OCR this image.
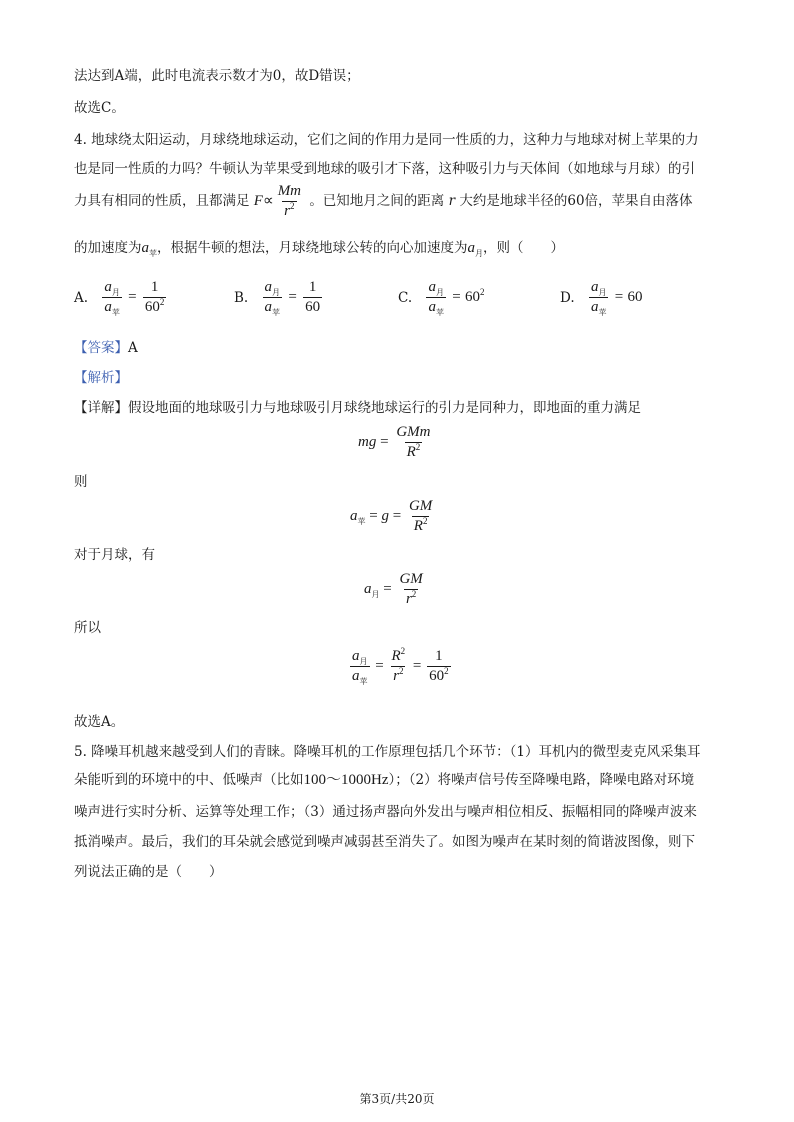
法达到A端，此时电流表示数才为0，故D错误；
故选C。
4. 地球绕太阳运动，月球绕地球运动，它们之间的作用力是同一性质的力，这种力与地球对树上苹果的力
也是同一性质的力吗？牛顿认为苹果受到地球的吸引才下落，这种吸引力与天体间（如地球与月球）的引
力具有相同的性质，且都满足 $F\propto \frac{Mm}{r^2}$ 。已知地月之间的距离 r 大约是地球半径的60倍，苹果自由落体
的加速度为$a_苹$，根据牛顿的想法，月球绕地球公转的向心加速度为$a_月$，则（　　）
A. $\frac{a_月}{a_苹} = \frac{1}{60^2}$	B. $\frac{a_月}{a_苹} = \frac{1}{60}$	C. $\frac{a_月}{a_苹} = 60^2$	D. $\frac{a_月}{a_苹} = 60$
【答案】A
【解析】
【详解】假设地面的地球吸引力与地球吸引月球绕地球运行的引力是同种力，即地面的重力满足
mg = $\frac{\text{GMm}}{R^2}$
则
$a_苹 = g = \frac{GM}{R^2}$
对于月球，有
$a_月 = \frac{GM}{r^2}$
所以
$\frac{a_月}{a_苹} = \frac{R^2}{r^2} = \frac{1}{60^2}$
故选A。
5. 降噪耳机越来越受到人们的青睐。降噪耳机的工作原理包括几个环节：（1）耳机内的微型麦克风采集耳
朵能听到的环境中的中、低噪声（比如100～1000Hz）；（2）将噪声信号传至降噪电路，降噪电路对环境
噪声进行实时分析、运算等处理工作；（3）通过扬声器向外发出与噪声相位相反、振幅相同的降噪声波来
抵消噪声。最后，我们的耳朵就会感觉到噪声减弱甚至消失了。如图为噪声在某时刻的简谐波图像，则下
列说法正确的是（　　）
第3页/共20页
